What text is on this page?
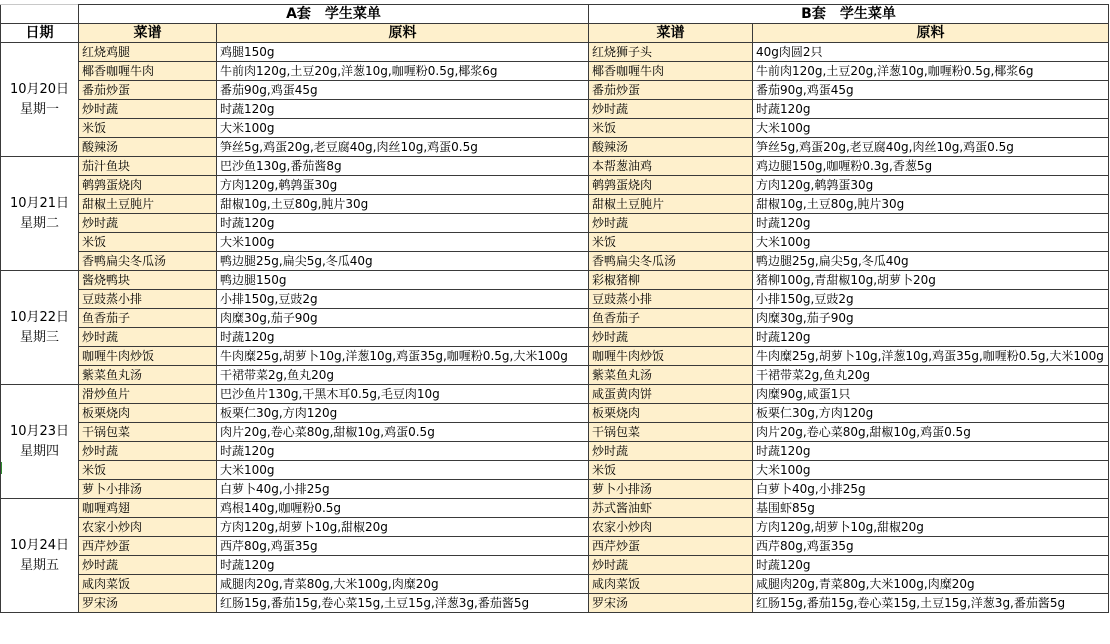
	A套　学生菜单		B套　学生菜单	
日期	菜谱	原料	菜谱	原料

10月20日
星期一	红烧鸡腿	鸡腿150g	红烧狮子头	40g肉圆2只
	椰香咖喱牛肉	牛前肉120g,土豆20g,洋葱10g,咖喱粉0.5g,椰浆6g	椰香咖喱牛肉	牛前肉120g,土豆20g,洋葱10g,咖喱粉0.5g,椰浆6g
	番茄炒蛋	番茄90g,鸡蛋45g	番茄炒蛋	番茄90g,鸡蛋45g
	炒时蔬	时蔬120g	炒时蔬	时蔬120g
	米饭	大米100g	米饭	大米100g
	酸辣汤	笋丝5g,鸡蛋20g,老豆腐40g,肉丝10g,鸡蛋0.5g	酸辣汤	笋丝5g,鸡蛋20g,老豆腐40g,肉丝10g,鸡蛋0.5g

10月21日
星期二	茄汁鱼块	巴沙鱼130g,番茄酱8g	本帮葱油鸡	鸡边腿150g,咖喱粉0.3g,香葱5g
	鹌鹑蛋烧肉	方肉120g,鹌鹑蛋30g	鹌鹑蛋烧肉	方肉120g,鹌鹑蛋30g
	甜椒土豆肫片	甜椒10g,土豆80g,肫片30g	甜椒土豆肫片	甜椒10g,土豆80g,肫片30g
	炒时蔬	时蔬120g	炒时蔬	时蔬120g
	米饭	大米100g	米饭	大米100g
	香鸭扁尖冬瓜汤	鸭边腿25g,扁尖5g,冬瓜40g	香鸭扁尖冬瓜汤	鸭边腿25g,扁尖5g,冬瓜40g

10月22日
星期三	酱烧鸭块	鸭边腿150g	彩椒猪柳	猪柳100g,青甜椒10g,胡萝卜20g
	豆豉蒸小排	小排150g,豆豉2g	豆豉蒸小排	小排150g,豆豉2g
	鱼香茄子	肉糜30g,茄子90g	鱼香茄子	肉糜30g,茄子90g
	炒时蔬	时蔬120g	炒时蔬	时蔬120g
	咖喱牛肉炒饭	牛肉糜25g,胡萝卜10g,洋葱10g,鸡蛋35g,咖喱粉0.5g,大米100g	咖喱牛肉炒饭	牛肉糜25g,胡萝卜10g,洋葱10g,鸡蛋35g,咖喱粉0.5g,大米100g
	紫菜鱼丸汤	干裙带菜2g,鱼丸20g	紫菜鱼丸汤	干裙带菜2g,鱼丸20g

10月23日
星期四	滑炒鱼片	巴沙鱼片130g,干黑木耳0.5g,毛豆肉10g	咸蛋黄肉饼	肉糜90g,咸蛋1只
	板栗烧肉	板栗仁30g,方肉120g	板栗烧肉	板栗仁30g,方肉120g
	干锅包菜	肉片20g,卷心菜80g,甜椒10g,鸡蛋0.5g	干锅包菜	肉片20g,卷心菜80g,甜椒10g,鸡蛋0.5g
	炒时蔬	时蔬120g	炒时蔬	时蔬120g
	米饭	大米100g	米饭	大米100g
	萝卜小排汤	白萝卜40g,小排25g	萝卜小排汤	白萝卜40g,小排25g

10月24日
星期五	咖喱鸡翅	鸡根140g,咖喱粉0.5g	苏式酱油虾	基围虾85g
	农家小炒肉	方肉120g,胡萝卜10g,甜椒20g	农家小炒肉	方肉120g,胡萝卜10g,甜椒20g
	西芹炒蛋	西芹80g,鸡蛋35g	西芹炒蛋	西芹80g,鸡蛋35g
	炒时蔬	时蔬120g	炒时蔬	时蔬120g
	咸肉菜饭	咸腿肉20g,青菜80g,大米100g,肉糜20g	咸肉菜饭	咸腿肉20g,青菜80g,大米100g,肉糜20g
	罗宋汤	红肠15g,番茄15g,卷心菜15g,土豆15g,洋葱3g,番茄酱5g	罗宋汤	红肠15g,番茄15g,卷心菜15g,土豆15g,洋葱3g,番茄酱5g
